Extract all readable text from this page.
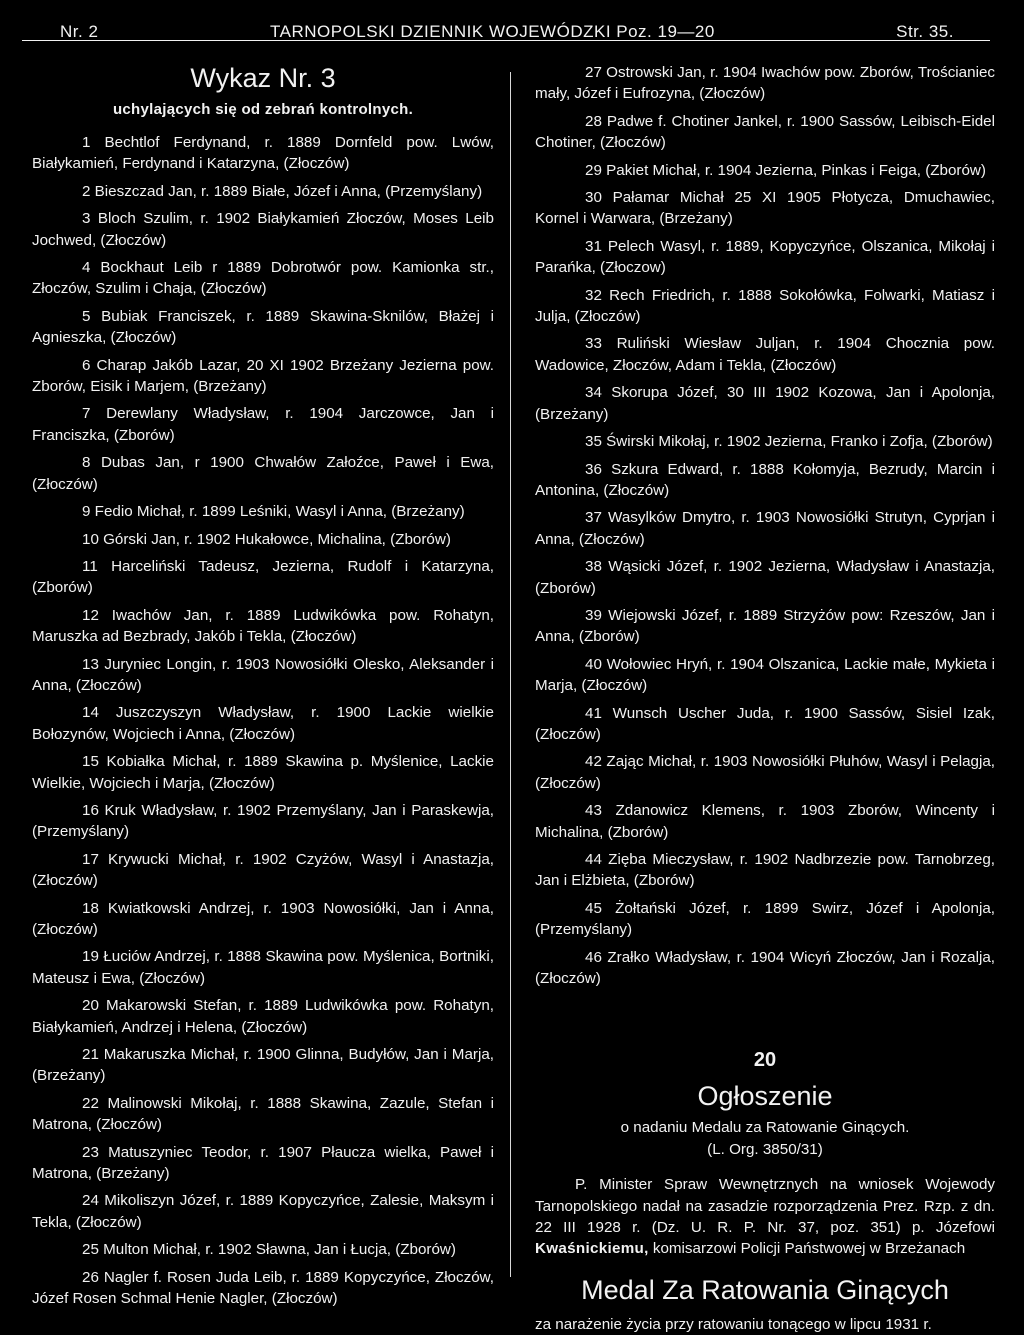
Nr. 2	TARNOPOLSKI DZIENNIK WOJEWÓDZKI Poz. 19—20	Str. 35.
Wykaz Nr. 3
uchylających się od zebrań kontrolnych.

1 Bechtlof Ferdynand, r. 1889 Dornfeld pow. Lwów, Białykamień, Ferdynand i Katarzyna, (Złoczów)

2 Bieszczad Jan, r. 1889 Białe, Józef i Anna, (Przemyślany)

3 Bloch Szulim, r. 1902 Białykamień Złoczów, Moses Leib Jochwed, (Złoczów)

4 Bockhaut Leib r 1889 Dobrotwór pow. Kamionka str., Złoczów, Szulim i Chaja, (Złoczów)

5 Bubiak Franciszek, r. 1889 Skawina-Sknilów, Błażej i Agnieszka, (Złoczów)

6 Charap Jakób Lazar, 20 XI 1902 Brzeżany Jezierna pow. Zborów, Eisik i Marjem, (Brzeżany)

7 Derewlany Władysław, r. 1904 Jarczowce, Jan i Franciszka, (Zborów)

8 Dubas Jan, r 1900 Chwałów Załoźce, Paweł i Ewa, (Złoczów)

9 Fedio Michał, r. 1899 Leśniki, Wasyl i Anna, (Brzeżany)

10 Górski Jan, r. 1902 Hukałowce, Michalina, (Zborów)

11 Harceliński Tadeusz, Jezierna, Rudolf i Katarzyna, (Zborów)

12 Iwachów Jan, r. 1889 Ludwikówka pow. Rohatyn, Maruszka ad Bezbrady, Jakób i Tekla, (Złoczów)

13 Juryniec Longin, r. 1903 Nowosiółki Olesko, Aleksander i Anna, (Złoczów)

14 Juszczyszyn Władysław, r. 1900 Lackie wielkie Bołozynów, Wojciech i Anna, (Złoczów)

15 Kobiałka Michał, r. 1889 Skawina p. Myślenice, Lackie Wielkie, Wojciech i Marja, (Złoczów)

16 Kruk Władysław, r. 1902 Przemyślany, Jan i Paraskewja, (Przemyślany)

17 Krywucki Michał, r. 1902 Czyżów, Wasyl i Anastazja, (Złoczów)

18 Kwiatkowski Andrzej, r. 1903 Nowosiółki, Jan i Anna, (Złoczów)

19 Łuciów Andrzej, r. 1888 Skawina pow. Myślenica, Bortniki, Mateusz i Ewa, (Złoczów)

20 Makarowski Stefan, r. 1889 Ludwikówka pow. Rohatyn, Białykamień, Andrzej i Helena, (Złoczów)

21 Makaruszka Michał, r. 1900 Glinna, Budyłów, Jan i Marja, (Brzeżany)

22 Malinowski Mikołaj, r. 1888 Skawina, Zazule, Stefan i Matrona, (Złoczów)

23 Matuszyniec Teodor, r. 1907 Płaucza wielka, Paweł i Matrona, (Brzeżany)

24 Mikoliszyn Józef, r. 1889 Kopyczyńce, Zalesie, Maksym i Tekla, (Złoczów)

25 Multon Michał, r. 1902 Sławna, Jan i Łucja, (Zborów)

26 Nagler f. Rosen Juda Leib, r. 1889 Kopyczyńce, Złoczów, Józef Rosen Schmal Henie Nagler, (Złoczów)

27 Ostrowski Jan, r. 1904 Iwachów pow. Zborów, Trościaniec mały, Józef i Eufrozyna, (Złoczów)

28 Padwe f. Chotiner Jankel, r. 1900 Sassów, Leibisch-Eidel Chotiner, (Złoczów)

29 Pakiet Michał, r. 1904 Jezierna, Pinkas i Feiga, (Zborów)

30 Pałamar Michał 25 XI 1905 Płotycza, Dmuchawiec, Kornel i Warwara, (Brzeżany)

31 Pelech Wasyl, r. 1889, Kopyczyńce, Olszanica, Mikołaj i Parańka, (Złoczow)

32 Rech Friedrich, r. 1888 Sokołówka, Folwarki, Matiasz i Julja, (Złoczów)

33 Ruliński Wiesław Juljan, r. 1904 Chocznia pow. Wadowice, Złoczów, Adam i Tekla, (Złoczów)

34 Skorupa Józef, 30 III 1902 Kozowa, Jan i Apolonja, (Brzeżany)

35 Świrski Mikołaj, r. 1902 Jezierna, Franko i Zofja, (Zborów)

36 Szkura Edward, r. 1888 Kołomyja, Bezrudy, Marcin i Antonina, (Złoczów)

37 Wasylków Dmytro, r. 1903 Nowosiółki Strutyn, Cyprjan i Anna, (Złoczów)

38 Wąsicki Józef, r. 1902 Jezierna, Władysław i Anastazja, (Zborów)

39 Wiejowski Józef, r. 1889 Strzyżów pow: Rzeszów, Jan i Anna, (Zborów)

40 Wołowiec Hryń, r. 1904 Olszanica, Lackie małe, Mykieta i Marja, (Złoczów)

41 Wunsch Uscher Juda, r. 1900 Sassów, Sisiel Izak, (Złoczów)

42 Zając Michał, r. 1903 Nowosiółki Płuhów, Wasyl i Pelagja, (Złoczów)

43 Zdanowicz Klemens, r. 1903 Zborów, Wincenty i Michalina, (Zborów)

44 Zięba Mieczysław, r. 1902 Nadbrzezie pow. Tarnobrzeg, Jan i Elżbieta, (Zborów)

45 Żołtański Józef, r. 1899 Swirz, Józef i Apolonja, (Przemyślany)

46 Zrałko Władysław, r. 1904 Wicyń Złoczów, Jan i Rozalja, (Złoczów)

20
Ogłoszenie

o nadaniu Medalu za Ratowanie Ginących.

(L. Org. 3850/31)

P. Minister Spraw Wewnętrznych na wniosek Wojewody Tarnopolskiego nadał na zasadzie rozporządzenia Prez. Rzp. z dn. 22 III 1928 r. (Dz. U. R. P. Nr. 37, poz. 351) p. Józefowi Kwaśnickiemu, komisarzowi Policji Państwowej w Brzeżanach

Medal Za Ratowania Ginących

za narażenie życia przy ratowaniu tonącego w lipcu 1931 r.
